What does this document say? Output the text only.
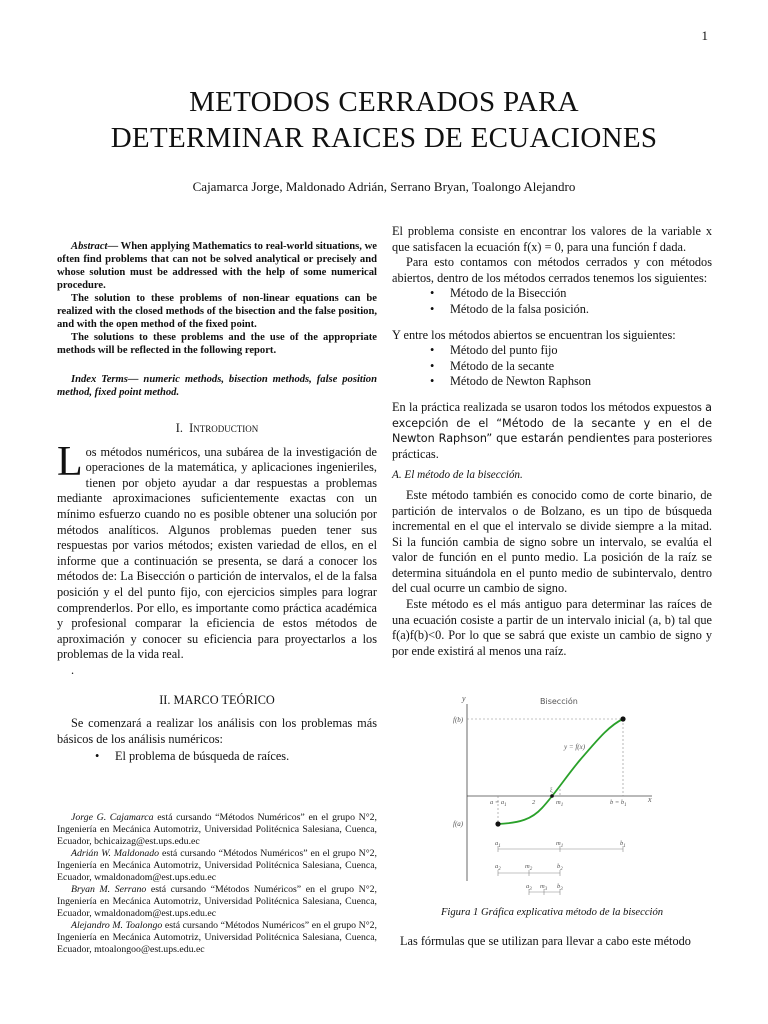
1
METODOS CERRADOS PARA
DETERMINAR RAICES DE ECUACIONES
Cajamarca Jorge, Maldonado Adrián, Serrano Bryan, Toalongo Alejandro

Abstract— When applying Mathematics to real-world situations, we often find problems that can not be solved analytical or precisely and whose solution must be addressed with the help of some numerical procedure.

The solution to these problems of non-linear equations can be realized with the closed methods of the bisection and the false position, and with the open method of the fixed point.

The solutions to these problems and the use of the appropriate methods will be reflected in the following report.

Index Terms— numeric methods, bisection methods, false position method, fixed point method.

I. Introduction

Los métodos numéricos, una subárea de la investigación de operaciones de la matemática, y aplicaciones ingenieriles, tienen por objeto ayudar a dar respuestas a problemas mediante aproximaciones suficientemente exactas con un mínimo esfuerzo cuando no es posible obtener una solución por métodos analíticos. Algunos problemas pueden tener sus respuestas por varios métodos; existen variedad de ellos, en el informe que a continuación se presenta, se dará a conocer los métodos de: La Bisección o partición de intervalos, el de la falsa posición y el del punto fijo, con ejercicios simples para lograr comprenderlos. Por ello, es importante como práctica académica y profesional comparar la eficiencia de estos métodos de aproximación y conocer su eficiencia para proyectarlos a los problemas de la vida real.

.

II. MARCO TEÓRICO

Se comenzará a realizar los análisis con los problemas más básicos de los análisis numéricos:

• El problema de búsqueda de raíces.

Jorge G. Cajamarca está cursando “Métodos Numéricos” en el grupo N°2, Ingeniería en Mecánica Automotriz, Universidad Politécnica Salesiana, Cuenca, Ecuador, bchicaizag@est.ups.edu.ec

Adrián W. Maldonado está cursando “Métodos Numéricos” en el grupo N°2, Ingeniería en Mecánica Automotriz, Universidad Politécnica Salesiana, Cuenca, Ecuador, wmaldonadom@est.ups.edu.ec

Bryan M. Serrano está cursando “Métodos Numéricos” en el grupo N°2, Ingeniería en Mecánica Automotriz, Universidad Politécnica Salesiana, Cuenca, Ecuador, wmaldonadom@est.ups.edu.ec

Alejandro M. Toalongo está cursando “Métodos Numéricos” en el grupo N°2, Ingeniería en Mecánica Automotriz, Universidad Politécnica Salesiana, Cuenca, Ecuador, mtoalongoo@est.ups.edu.ec

El problema consiste en encontrar los valores de la variable x que satisfacen la ecuación f(x) = 0, para una función f dada.

Para esto contamos con métodos cerrados y con métodos abiertos, dentro de los métodos cerrados tenemos los siguientes:

• Método de la Bisección
• Método de la falsa posición.

Y entre los métodos abiertos se encuentran los siguientes:

• Método del punto fijo
• Método de la secante
• Método de Newton Raphson

En la práctica realizada se usaron todos los métodos expuestos a excepción de el “Método de la secante y en el de Newton Raphson” que estarán pendientes para posteriores prácticas.

A. El método de la bisección.

Este método también es conocido como de corte binario, de partición de intervalos o de Bolzano, es un tipo de búsqueda incremental en el que el intervalo se divide siempre a la mitad. Si la función cambia de signo sobre un intervalo, se evalúa el valor de función en el punto medio. La posición de la raíz se determina situándola en el punto medio de subintervalo, dentro del cual ocurre un cambio de signo.

Este método es el más antiguo para determinar las raíces de una ecuación cosiste a partir de un intervalo inicial (a, b) tal que f(a)f(b)<0. Por lo que se sabrá que existe un cambio de signo y por ende existirá al menos una raíz.

Bisección
y
x
f(b)
f(a)
ξ
y = f(x)
$a = a_1$	2	$m_1$	$b = b_1$
$a_1$	$m_1$	$b_1$
$a_2$	$m_2$	$b_2$
$a_3$ $m_3$ $b_3$
Figura 1 Gráfica explicativa método de la bisección
Las fórmulas que se utilizan para llevar a cabo este método
